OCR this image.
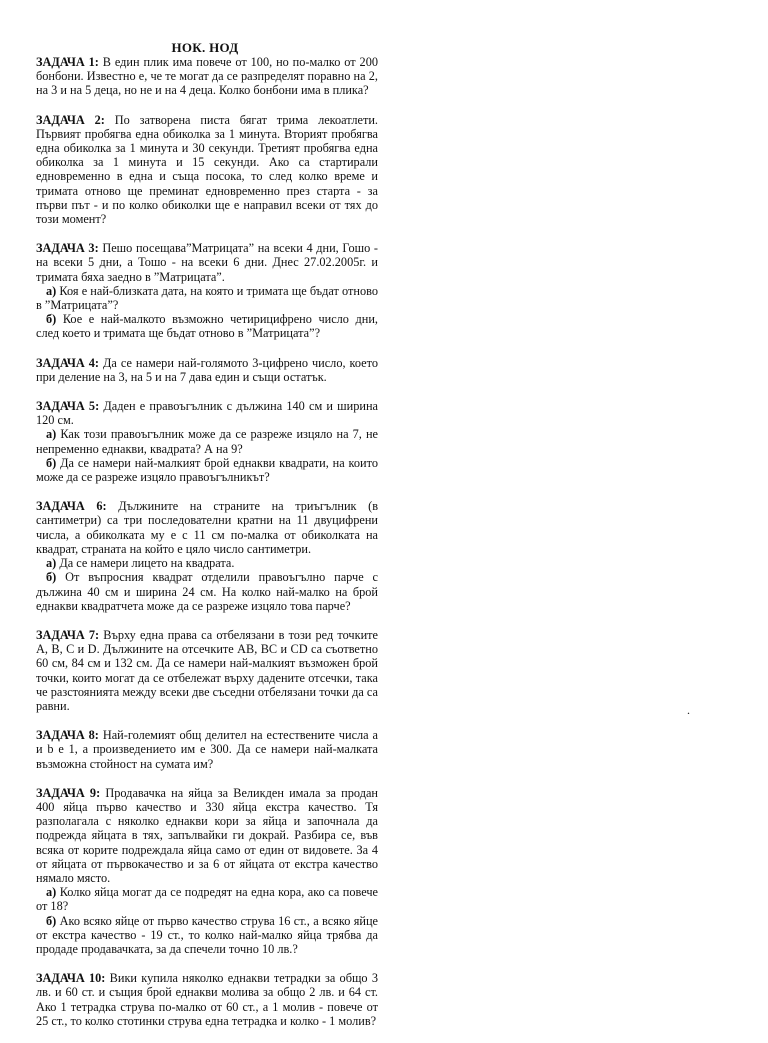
НОК. НОД

ЗАДАЧА 1: В един плик има повече от 100, но по-малко от 200 бонбони. Известно е, че те могат да се разпределят поравно на 2, на 3 и на 5 деца, но не и на 4 деца. Колко бонбони има в плика?

ЗАДАЧА 2: По затворена писта бягат трима лекоатлети. Първият пробягва една обиколка за 1 минута. Вторият пробягва една обиколка за 1 минута и 30 секунди. Третият пробягва една обиколка за 1 минута и 15 секунди. Ако са стартирали едновременно в една и съща посока, то след колко време и тримата отново ще преминат едновременно през старта - за първи път - и по колко обиколки ще е направил всеки от тях до този момент?

ЗАДАЧА 3: Пешо посещава”Матрицата” на всеки 4 дни, Гошо - на всеки 5 дни, а Тошо - на всеки 6 дни. Днес 27.02.2005г. и тримата бяха заедно в ”Матрицата”.

а) Коя е най-близката дата, на която и тримата ще бъдат отново в ”Матрицата”?

б) Кое е най-малкото възможно четирицифрено число дни, след което и тримата ще бъдат отново в ”Матрицата”?

ЗАДАЧА 4: Да се намери най-голямото 3-цифрено число, което при деление на 3, на 5 и на 7 дава един и същи остатък.

ЗАДАЧА 5: Даден е правоъгълник с дължина 140 см и ширина 120 см.

а) Как този правоъгълник може да се разреже изцяло на 7, не непременно еднакви, квадрата? А на 9?

б) Да се намери най-малкият брой еднакви квадрати, на които може да се разреже изцяло правоъгълникът?

ЗАДАЧА 6: Дължините на страните на триъгълник (в сантиметри) са три последователни кратни на 11 двуцифрени числа, а обиколката му е с 11 см по-малка от обиколката на квадрат, страната на който е цяло число сантиметри.

а) Да се намери лицето на квадрата.

б) От въпросния квадрат отделили правоъгълно парче с дължина 40 см и ширина 24 см. На колко най-малко на брой еднакви квадратчета може да се разреже изцяло това парче?

ЗАДАЧА 7: Върху една права са отбелязани в този ред точките A, B, C и D. Дължините на отсечките AB, BC и CD са съответно 60 см, 84 см и 132 см. Да се намери най-малкият възможен брой точки, които могат да се отбележат върху дадените отсечки, така че разстоянията между всеки две съседни отбелязани точки да са равни.

ЗАДАЧА 8: Най-големият общ делител на естествените числа a и b е 1, а произведението им е 300. Да се намери най-малката възможна стойност на сумата им?

ЗАДАЧА 9: Продавачка на яйца за Великден имала за продан 400 яйца първо качество и 330 яйца екстра качество. Тя разполагала с няколко еднакви кори за яйца и започнала да подрежда яйцата в тях, запълвайки ги докрай. Разбира се, във всяка от корите подреждала яйца само от един от видовете. За 4 от яйцата от първокачество и за 6 от яйцата от екстра качество нямало място.

а) Колко яйца могат да се подредят на една кора, ако са повече от 18?

б) Ако всяко яйце от първо качество струва 16 ст., а всяко яйце от екстра качество - 19 ст., то колко най-малко яйца трябва да продаде продавачката, за да спечели точно 10 лв.?

ЗАДАЧА 10: Вики купила няколко еднакви тетрадки за общо 3 лв. и 60 ст. и същия брой еднакви молива за общо 2 лв. и 64 ст. Ако 1 тетрадка струва по-малко от 60 ст., а 1 молив - повече от 25 ст., то колко стотинки струва една тетрадка и колко - 1 молив?

.
